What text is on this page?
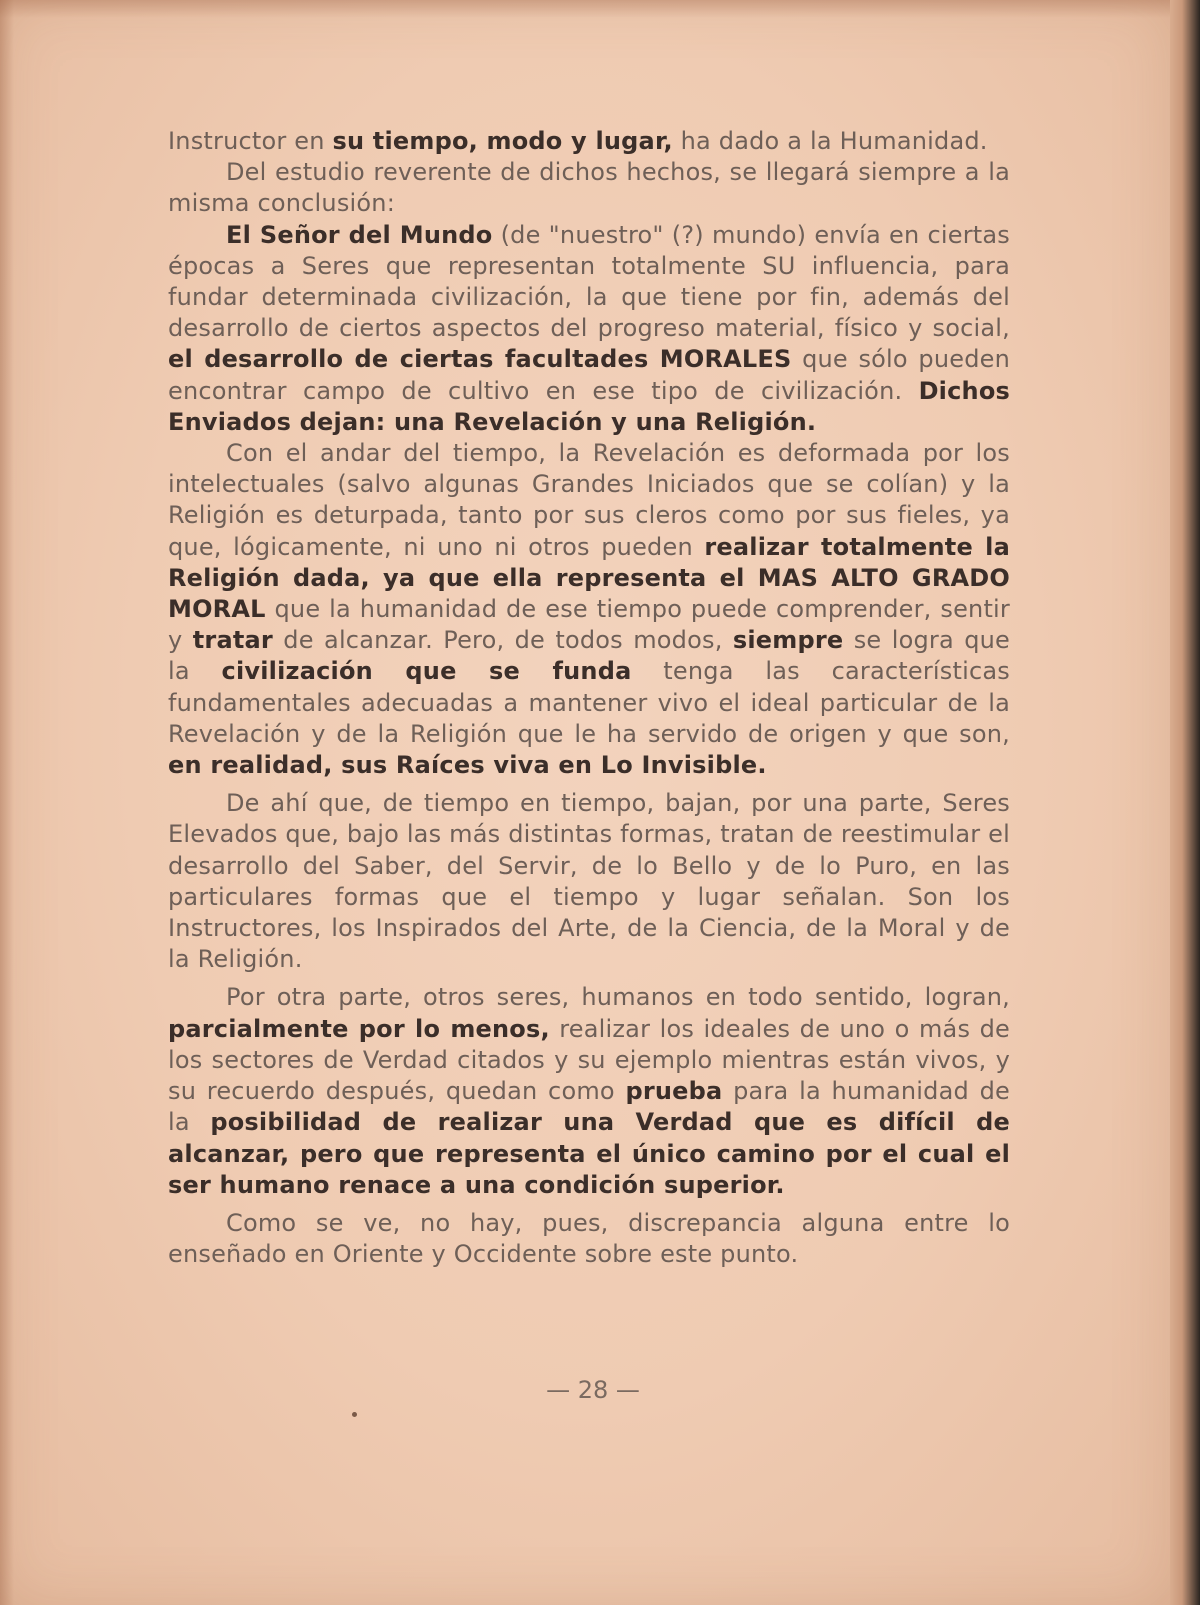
Instructor en su tiempo, modo y lugar, ha dado a la Humanidad.

Del estudio reverente de dichos hechos, se llegará siempre a la misma conclusión:

El Señor del Mundo (de "nuestro" (?) mundo) envía en ciertas épocas a Seres que representan totalmente SU influencia, para fundar determinada civilización, la que tiene por fin, además del desarrollo de ciertos aspectos del progreso material, físico y social, el desarrollo de ciertas facultades MORALES que sólo pueden encontrar campo de cultivo en ese tipo de civilización. Dichos Enviados dejan: una Revelación y una Religión.

Con el andar del tiempo, la Revelación es deformada por los intelectuales (salvo algunas Grandes Iniciados que se colían) y la Religión es deturpada, tanto por sus cleros como por sus fieles, ya que, lógicamente, ni uno ni otros pueden realizar totalmente la Religión dada, ya que ella representa el MAS ALTO GRADO MORAL que la humanidad de ese tiempo puede comprender, sentir y tratar de alcanzar. Pero, de todos modos, siempre se logra que la civilización que se funda tenga las características fundamentales adecuadas a mantener vivo el ideal particular de la Revelación y de la Religión que le ha servido de origen y que son, en realidad, sus Raíces viva en Lo Invisible.

De ahí que, de tiempo en tiempo, bajan, por una parte, Seres Elevados que, bajo las más distintas formas, tratan de reestimular el desarrollo del Saber, del Servir, de lo Bello y de lo Puro, en las particulares formas que el tiempo y lugar señalan. Son los Instructores, los Inspirados del Arte, de la Ciencia, de la Moral y de la Religión.

Por otra parte, otros seres, humanos en todo sentido, logran, parcialmente por lo menos, realizar los ideales de uno o más de los sectores de Verdad citados y su ejemplo mientras están vivos, y su recuerdo después, quedan como prueba para la humanidad de la posibilidad de realizar una Verdad que es difícil de alcanzar, pero que representa el único camino por el cual el ser humano renace a una condición superior.

Como se ve, no hay, pues, discrepancia alguna entre lo enseñado en Oriente y Occidente sobre este punto.

— 28 —
